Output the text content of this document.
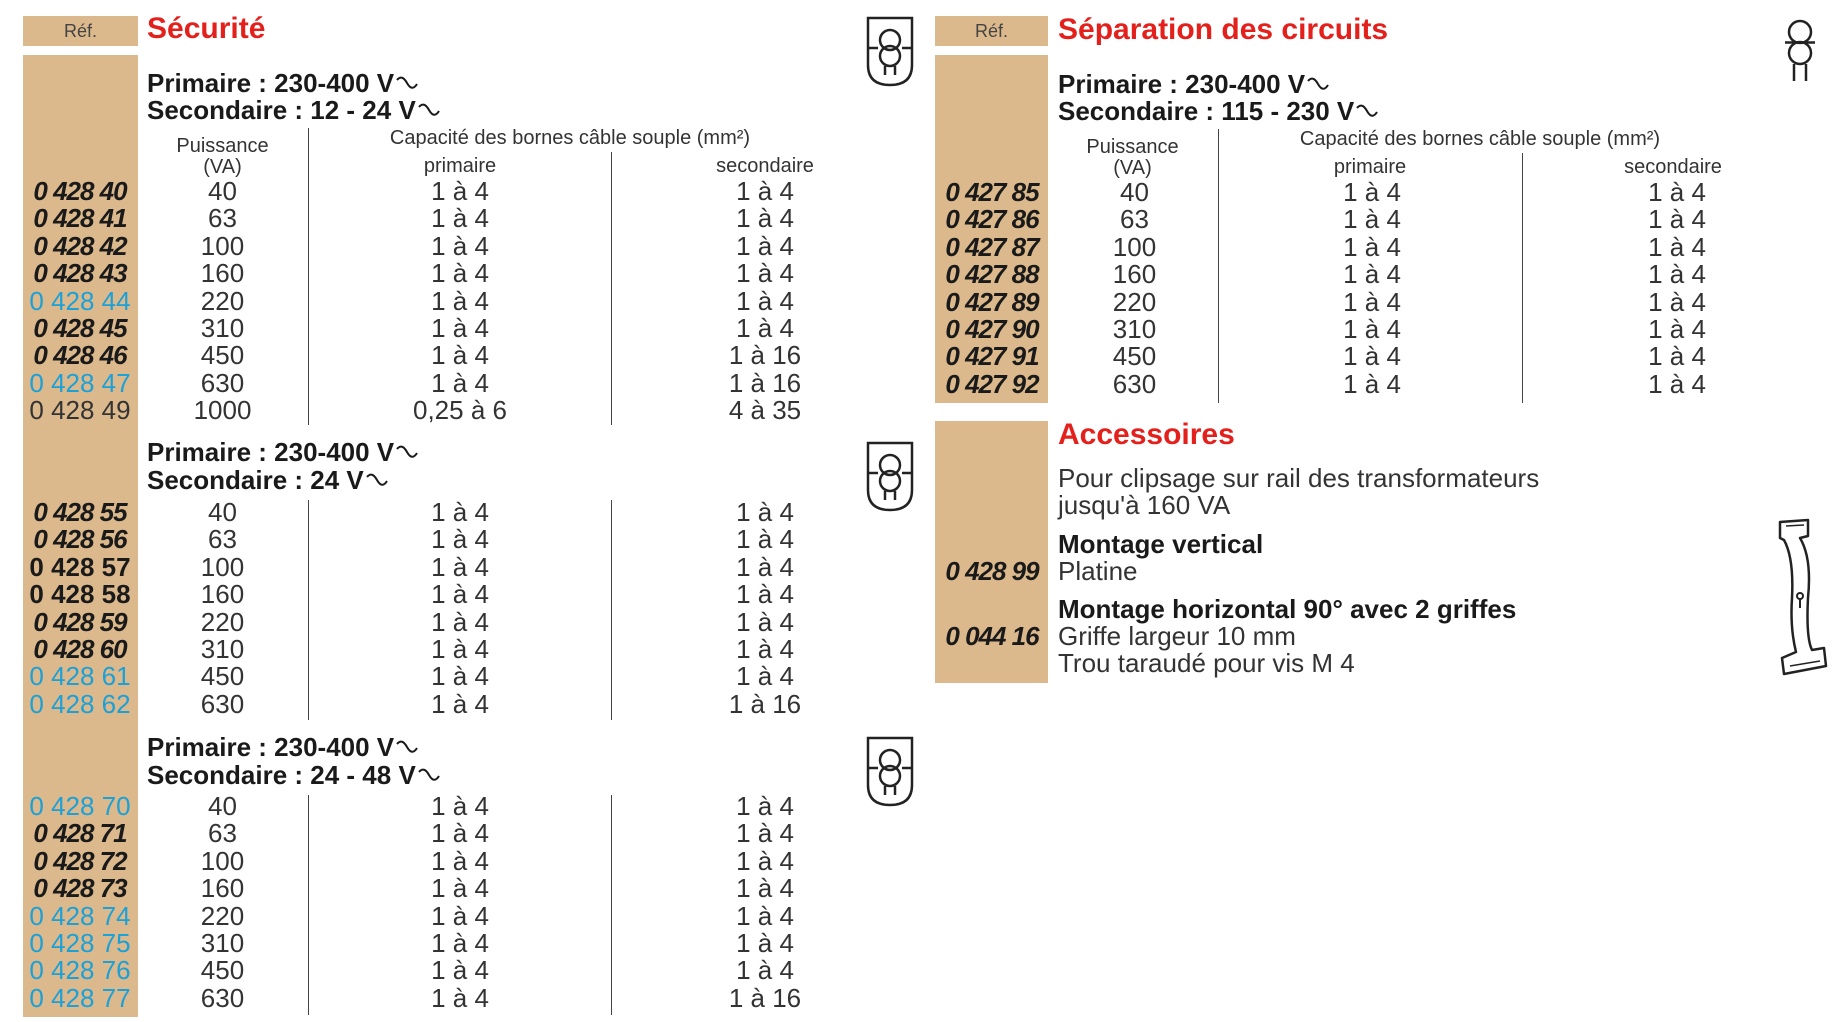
Réf.	Sécurité
Primaire : 230-400 V
Secondaire : 12 - 24 V
Puissance
(VA)
Capacité des bornes câble souple (mm²)
primaire	secondaire
0 428 40	40	1 à 4	1 à 4
0 428 41	63	1 à 4	1 à 4
0 428 42	100	1 à 4	1 à 4
0 428 43	160	1 à 4	1 à 4
0 428 44	220	1 à 4	1 à 4
0 428 45	310	1 à 4	1 à 4
0 428 46	450	1 à 4	1 à 16
0 428 47	630	1 à 4	1 à 16
0 428 49	1000	0,25 à 6	4 à 35
Primaire : 230-400 V
Secondaire : 24 V
0 428 55	40	1 à 4	1 à 4
0 428 56	63	1 à 4	1 à 4
0 428 57	100	1 à 4	1 à 4
0 428 58	160	1 à 4	1 à 4
0 428 59	220	1 à 4	1 à 4
0 428 60	310	1 à 4	1 à 4
0 428 61	450	1 à 4	1 à 4
0 428 62	630	1 à 4	1 à 16
Primaire : 230-400 V
Secondaire : 24 - 48 V
0 428 70	40	1 à 4	1 à 4
0 428 71	63	1 à 4	1 à 4
0 428 72	100	1 à 4	1 à 4
0 428 73	160	1 à 4	1 à 4
0 428 74	220	1 à 4	1 à 4
0 428 75	310	1 à 4	1 à 4
0 428 76	450	1 à 4	1 à 4
0 428 77	630	1 à 4	1 à 16
Réf.	Séparation des circuits
Primaire : 230-400 V
Secondaire : 115 - 230 V
Puissance
(VA)
Capacité des bornes câble souple (mm²)
primaire	secondaire
0 427 85	40	1 à 4	1 à 4
0 427 86	63	1 à 4	1 à 4
0 427 87	100	1 à 4	1 à 4
0 427 88	160	1 à 4	1 à 4
0 427 89	220	1 à 4	1 à 4
0 427 90	310	1 à 4	1 à 4
0 427 91	450	1 à 4	1 à 4
0 427 92	630	1 à 4	1 à 4
Accessoires
Pour clipsage sur rail des transformateurs
jusqu'à 160 VA
Montage vertical
0 428 99 Platine
Montage horizontal 90° avec 2 griffes
0 044 16 Griffe largeur 10 mm
Trou taraudé pour vis M 4
